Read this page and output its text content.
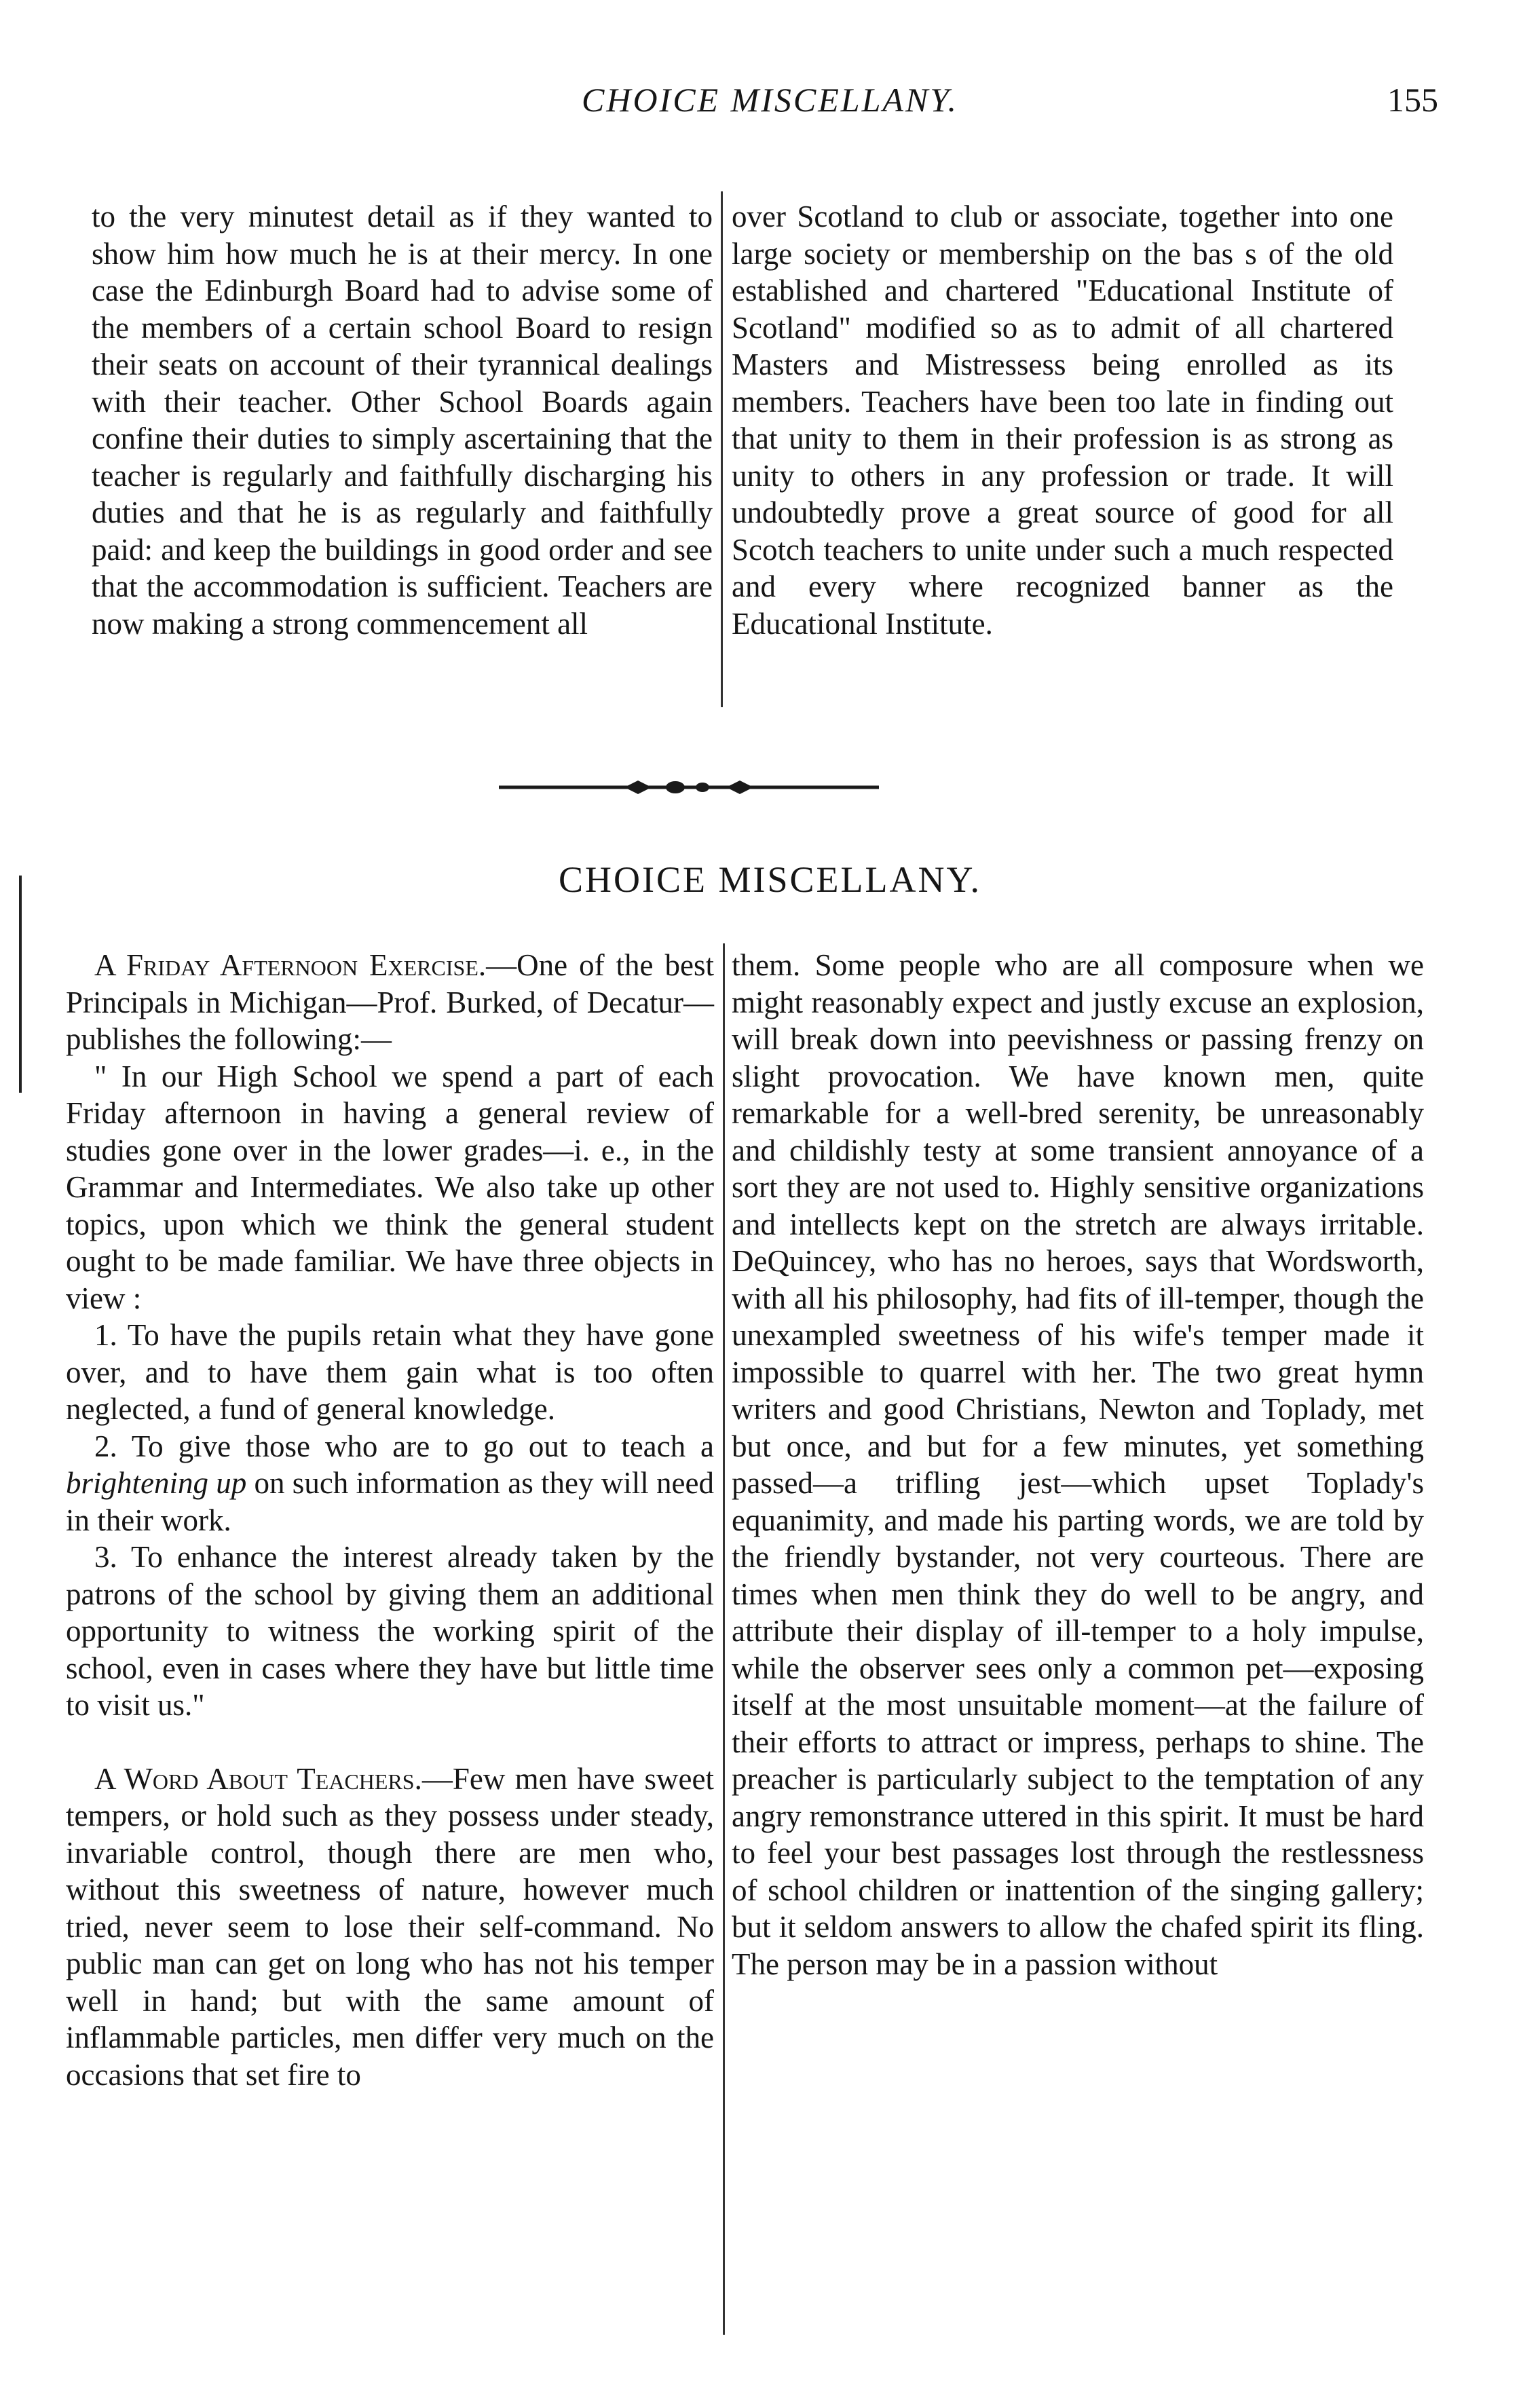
CHOICE MISCELLANY.	155

to the very minutest detail as if they wanted to show him how much he is at their mercy. In one case the Edinburgh Board had to advise some of the members of a certain school Board to resign their seats on account of their tyrannical dealings with their teacher. Other School Boards again confine their duties to simply ascertaining that the teacher is regularly and faithfully discharging his duties and that he is as regularly and faithfully paid: and keep the buildings in good order and see that the accommodation is sufficient. Teachers are now making a strong commencement all

over Scotland to club or associate, together into one large society or membership on the bas s of the old established and chartered "Educational Institute of Scotland" modified so as to admit of all chartered Masters and Mistressess being enrolled as its members. Teachers have been too late in finding out that unity to them in their profession is as strong as unity to others in any profession or trade. It will undoubtedly prove a great source of good for all Scotch teachers to unite under such a much respected and every where recognized banner as the Educational Institute.

CHOICE MISCELLANY.

A Friday Afternoon Exercise.—One of the best Principals in Michigan—Prof. Burked, of Decatur—publishes the following:—

" In our High School we spend a part of each Friday afternoon in having a general review of studies gone over in the lower grades—i. e., in the Grammar and Intermediates. We also take up other topics, upon which we think the general student ought to be made familiar. We have three objects in view :

1. To have the pupils retain what they have gone over, and to have them gain what is too often neglected, a fund of general knowledge.

2. To give those who are to go out to teach a brightening up on such information as they will need in their work.

3. To enhance the interest already taken by the patrons of the school by giving them an additional opportunity to witness the working spirit of the school, even in cases where they have but little time to visit us."

A Word About Teachers.—Few men have sweet tempers, or hold such as they possess under steady, invariable control, though there are men who, without this sweetness of nature, however much tried, never seem to lose their self-command. No public man can get on long who has not his temper well in hand; but with the same amount of inflammable particles, men differ very much on the occasions that set fire to

them. Some people who are all composure when we might reasonably expect and justly excuse an explosion, will break down into peevishness or passing frenzy on slight provocation. We have known men, quite remarkable for a well-bred serenity, be unreasonably and childishly testy at some transient annoyance of a sort they are not used to. Highly sensitive organizations and intellects kept on the stretch are always irritable. DeQuincey, who has no heroes, says that Wordsworth, with all his philosophy, had fits of ill-temper, though the unexampled sweetness of his wife's temper made it impossible to quarrel with her. The two great hymn writers and good Christians, Newton and Toplady, met but once, and but for a few minutes, yet something passed—a trifling jest—which upset Toplady's equanimity, and made his parting words, we are told by the friendly bystander, not very courteous. There are times when men think they do well to be angry, and attribute their display of ill-temper to a holy impulse, while the observer sees only a common pet—exposing itself at the most unsuitable moment—at the failure of their efforts to attract or impress, perhaps to shine. The preacher is particularly subject to the temptation of any angry remonstrance uttered in this spirit. It must be hard to feel your best passages lost through the restlessness of school children or inattention of the singing gallery; but it seldom answers to allow the chafed spirit its fling. The person may be in a passion without
